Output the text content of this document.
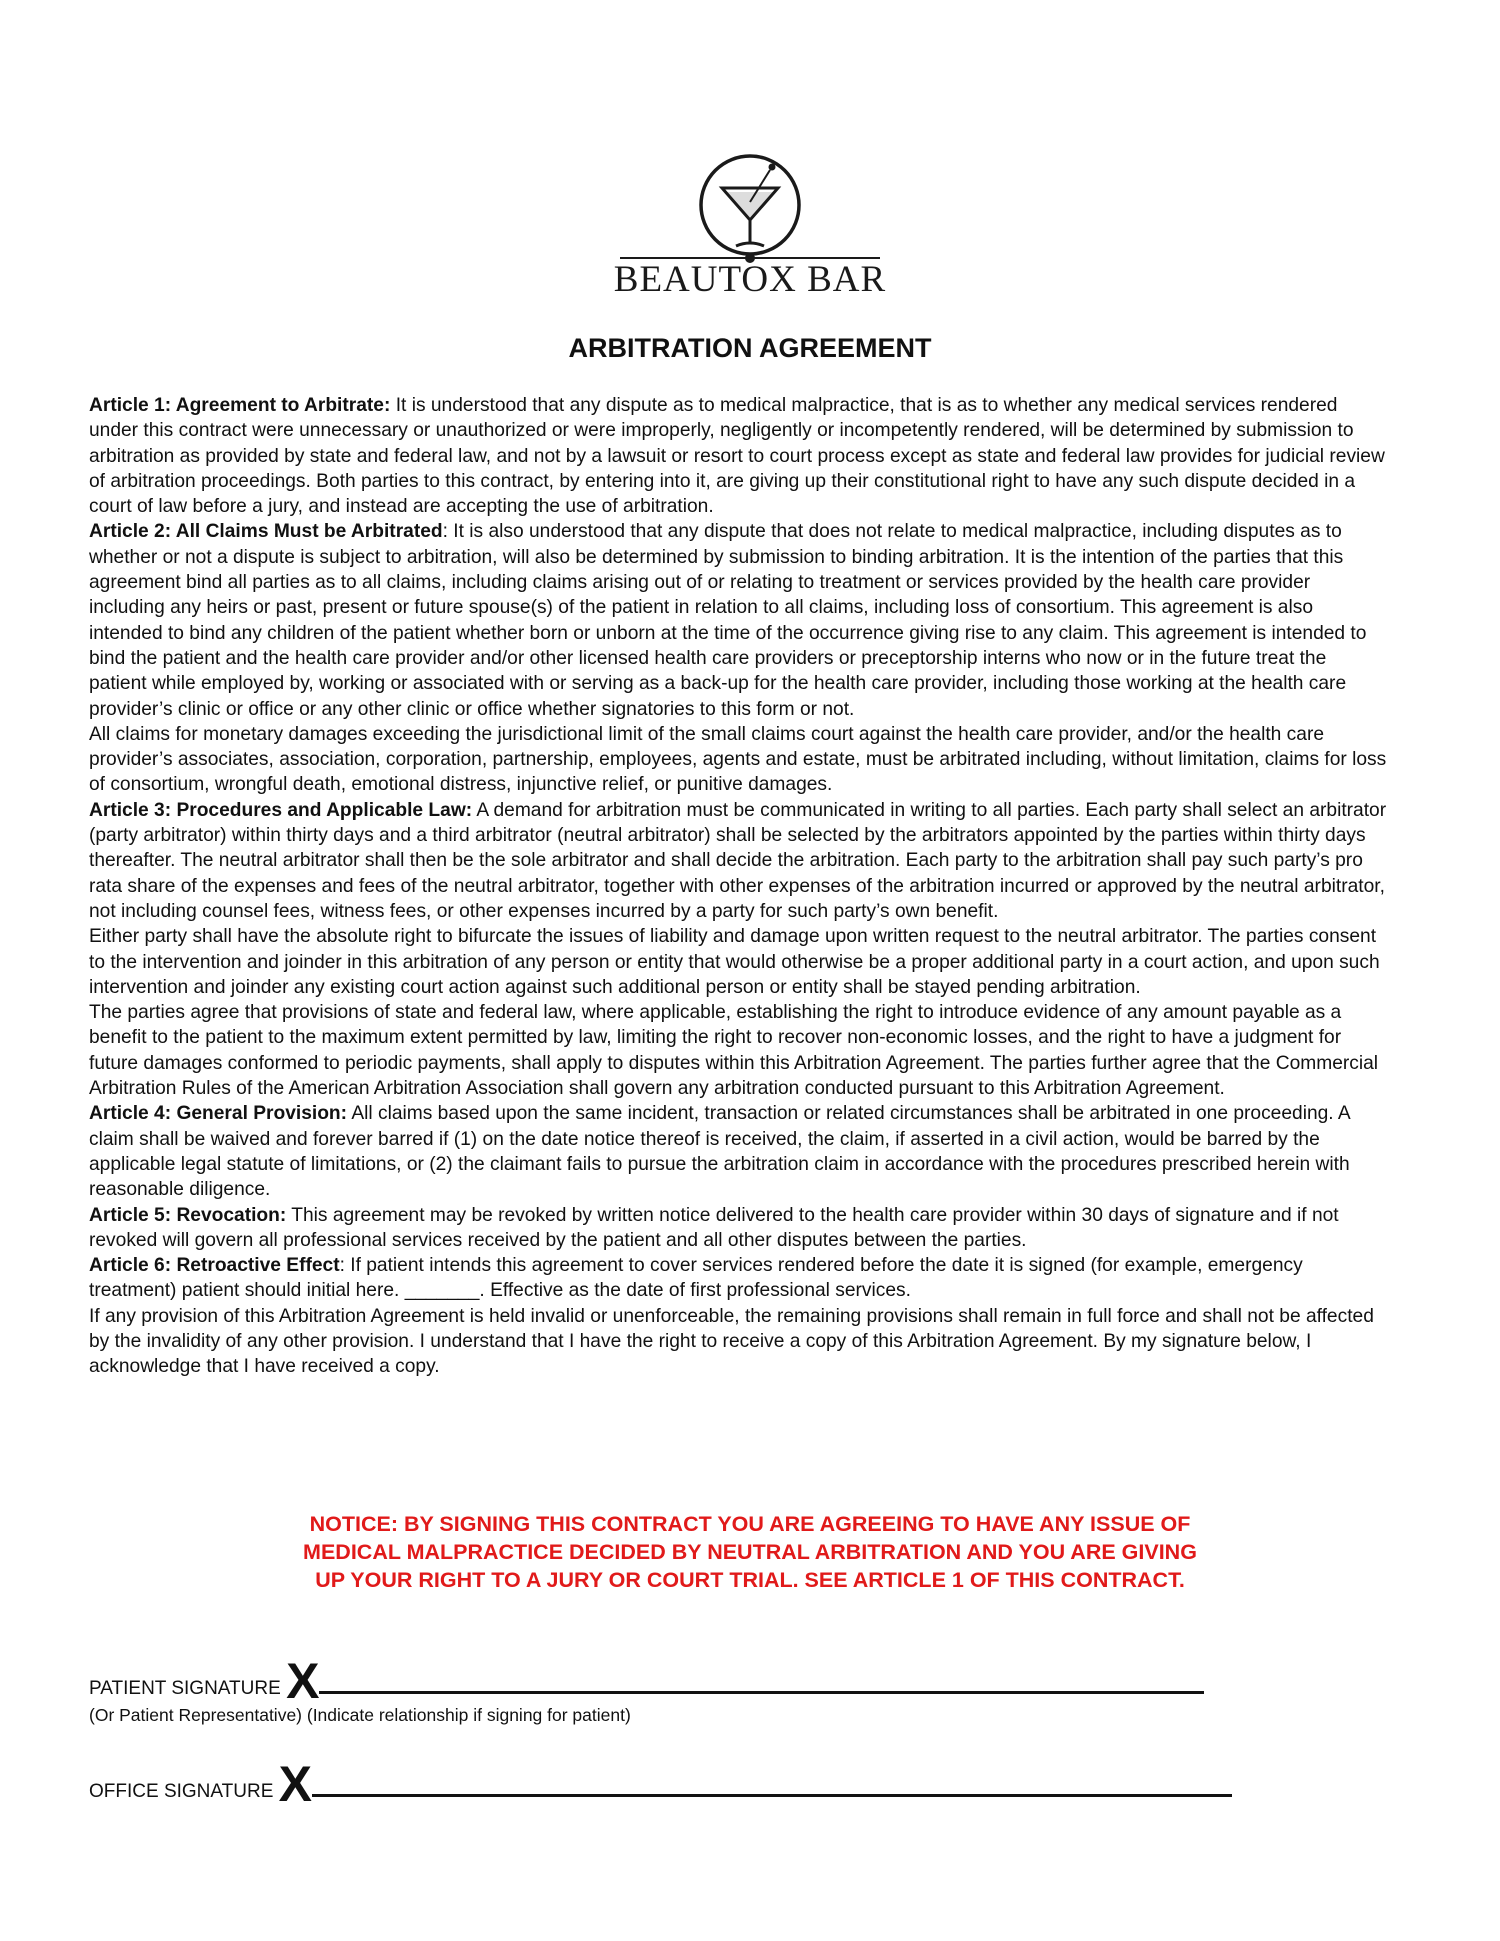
BEAUTOX BAR
ARBITRATION AGREEMENT

Article 1: Agreement to Arbitrate: It is understood that any dispute as to medical malpractice, that is as to whether any medical services rendered under this contract were unnecessary or unauthorized or were improperly, negligently or incompetently rendered, will be determined by submission to arbitration as provided by state and federal law, and not by a lawsuit or resort to court process except as state and federal law provides for judicial review of arbitration proceedings. Both parties to this contract, by entering into it, are giving up their constitutional right to have any such dispute decided in a court of law before a jury, and instead are accepting the use of arbitration.

Article 2: All Claims Must be Arbitrated: It is also understood that any dispute that does not relate to medical malpractice, including disputes as to whether or not a dispute is subject to arbitration, will also be determined by submission to binding arbitration. It is the intention of the parties that this agreement bind all parties as to all claims, including claims arising out of or relating to treatment or services provided by the health care provider including any heirs or past, present or future spouse(s) of the patient in relation to all claims, including loss of consortium. This agreement is also intended to bind any children of the patient whether born or unborn at the time of the occurrence giving rise to any claim. This agreement is intended to bind the patient and the health care provider and/or other licensed health care providers or preceptorship interns who now or in the future treat the patient while employed by, working or associated with or serving as a back-up for the health care provider, including those working at the health care provider’s clinic or office or any other clinic or office whether signatories to this form or not.

All claims for monetary damages exceeding the jurisdictional limit of the small claims court against the health care provider, and/or the health care provider’s associates, association, corporation, partnership, employees, agents and estate, must be arbitrated including, without limitation, claims for loss of consortium, wrongful death, emotional distress, injunctive relief, or punitive damages.

Article 3: Procedures and Applicable Law: A demand for arbitration must be communicated in writing to all parties. Each party shall select an arbitrator (party arbitrator) within thirty days and a third arbitrator (neutral arbitrator) shall be selected by the arbitrators appointed by the parties within thirty days thereafter. The neutral arbitrator shall then be the sole arbitrator and shall decide the arbitration. Each party to the arbitration shall pay such party’s pro rata share of the expenses and fees of the neutral arbitrator, together with other expenses of the arbitration incurred or approved by the neutral arbitrator, not including counsel fees, witness fees, or other expenses incurred by a party for such party’s own benefit.

Either party shall have the absolute right to bifurcate the issues of liability and damage upon written request to the neutral arbitrator. The parties consent to the intervention and joinder in this arbitration of any person or entity that would otherwise be a proper additional party in a court action, and upon such intervention and joinder any existing court action against such additional person or entity shall be stayed pending arbitration.

The parties agree that provisions of state and federal law, where applicable, establishing the right to introduce evidence of any amount payable as a benefit to the patient to the maximum extent permitted by law, limiting the right to recover non-economic losses, and the right to have a judgment for future damages conformed to periodic payments, shall apply to disputes within this Arbitration Agreement. The parties further agree that the Commercial Arbitration Rules of the American Arbitration Association shall govern any arbitration conducted pursuant to this Arbitration Agreement.

Article 4: General Provision: All claims based upon the same incident, transaction or related circumstances shall be arbitrated in one proceeding. A claim shall be waived and forever barred if (1) on the date notice thereof is received, the claim, if asserted in a civil action, would be barred by the applicable legal statute of limitations, or (2) the claimant fails to pursue the arbitration claim in accordance with the procedures prescribed herein with reasonable diligence.

Article 5: Revocation: This agreement may be revoked by written notice delivered to the health care provider within 30 days of signature and if not revoked will govern all professional services received by the patient and all other disputes between the parties.

Article 6: Retroactive Effect: If patient intends this agreement to cover services rendered before the date it is signed (for example, emergency treatment) patient should initial here. _______. Effective as the date of first professional services.

If any provision of this Arbitration Agreement is held invalid or unenforceable, the remaining provisions shall remain in full force and shall not be affected by the invalidity of any other provision. I understand that I have the right to receive a copy of this Arbitration Agreement. By my signature below, I acknowledge that I have received a copy.

NOTICE: BY SIGNING THIS CONTRACT YOU ARE AGREEING TO HAVE ANY ISSUE OF
MEDICAL MALPRACTICE DECIDED BY NEUTRAL ARBITRATION AND YOU ARE GIVING
UP YOUR RIGHT TO A JURY OR COURT TRIAL. SEE ARTICLE 1 OF THIS CONTRACT.
PATIENT SIGNATURE X
(Or Patient Representative) (Indicate relationship if signing for patient)
OFFICE SIGNATURE X
